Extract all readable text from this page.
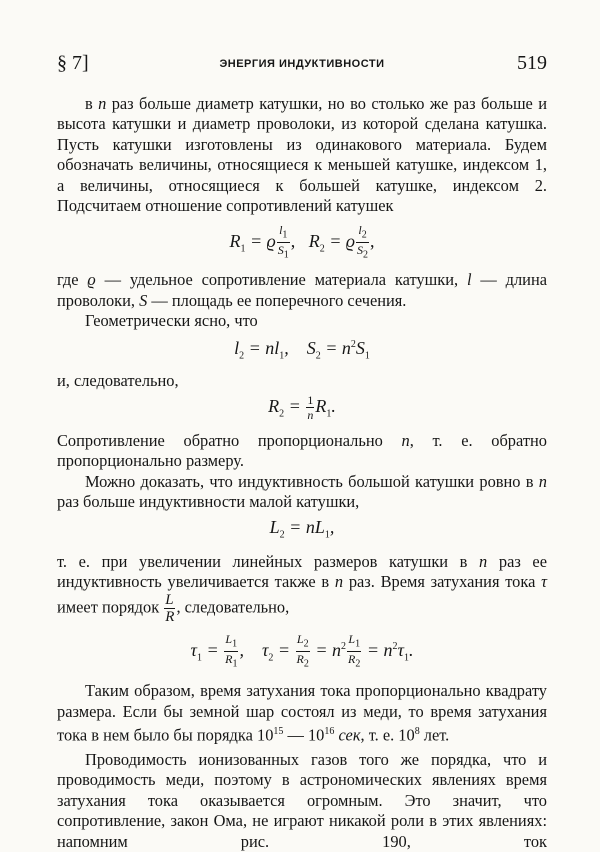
§ 7]	ЭНЕРГИЯ ИНДУКТИВНОСТИ	519

в n раз больше диаметр катушки, но во столько же раз больше и высота катушки и диаметр проволоки, из которой сделана катушка. Пусть катушки изготовлены из одинакового материала. Будем обозначать величины, относящиеся к меньшей катушке, индексом 1, а величины, относящиеся к большей катушке, индексом 2. Подсчитаем отношение сопротивлений катушек

$R_1 = ϱ \frac{l_1}{S_1}$ ,   $R_2 = ϱ \frac{l_2}{S_2}$ ,

где ϱ — удельное сопротивление материала катушки, l — длина проволоки, S — площадь ее поперечного сечения.

Геометрически ясно, что

$l_2 = nl_1$,    $S_2 = n^2S_1$

и, следовательно,

$R_2 = \frac{1}{n} R_1$.

Сопротивление обратно пропорционально n, т. е. обратно пропорционально размеру.

Можно доказать, что индуктивность большой катушки ровно в n раз больше индуктивности малой катушки,

$L_2 = nL_1$,

т. е. при увеличении линейных размеров катушки в n раз ее индуктивность увеличивается также в n раз. Время затухания тока τ имеет порядок $\frac{L}{R}$ , следовательно,

$\tau_1 = \frac{L_1}{R_1}$ ,    $\tau_2 = \frac{L_2}{R_2} = n^2 \frac{L_1}{R_2} = n^2\tau_1$.

Таким образом, время затухания тока пропорционально квадрату размера. Если бы земной шар состоял из меди, то время затухания тока в нем было бы порядка $10^{15}$ — $10^{16}$ сек, т. е. $10^8$ лет.

Проводимость ионизованных газов того же порядка, что и проводимость меди, поэтому в астрономических явлениях время затухания тока оказывается огромным. Это значит, что сопротивление, закон Ома, не играют никакой роли в этих явлениях: напомним рис. 190, ток
